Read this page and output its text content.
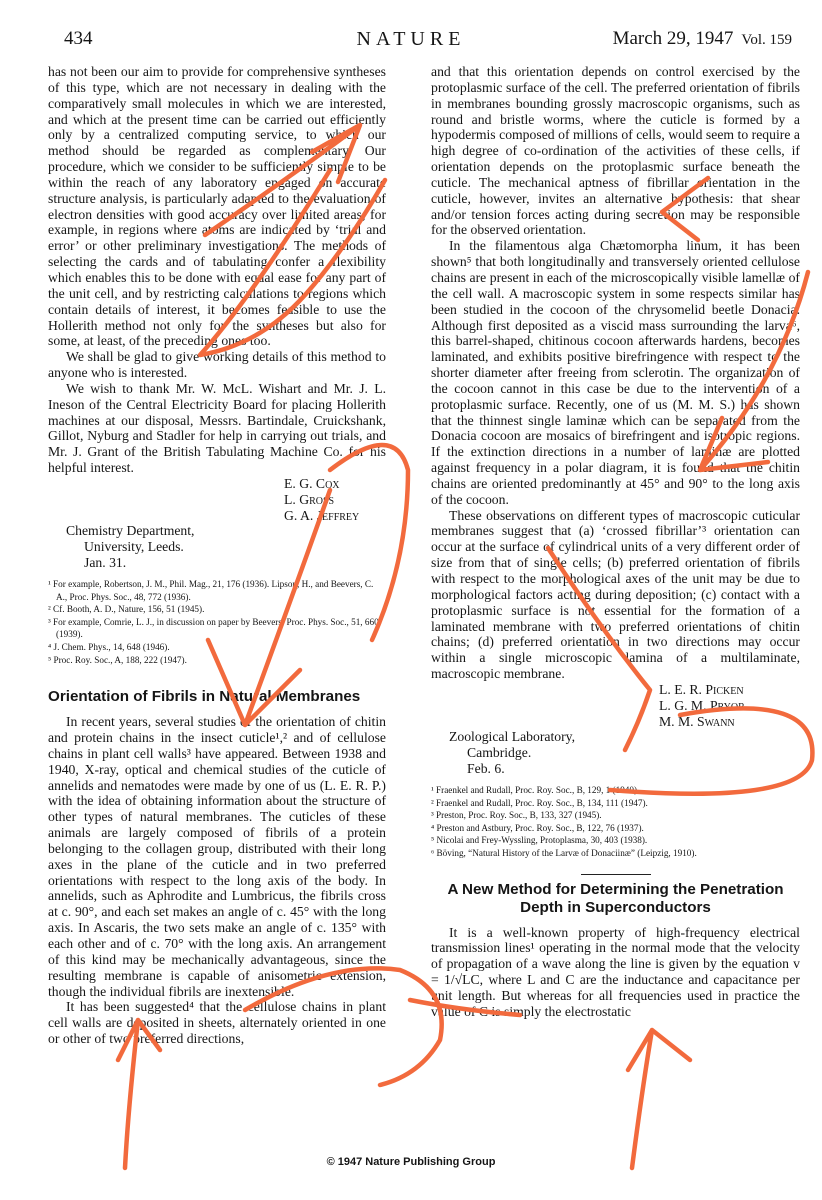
434	NATURE	March 29, 1947 Vol. 159

has not been our aim to provide for comprehensive syntheses of this type, which are not necessary in dealing with the comparatively small molecules in which we are interested, and which at the present time can be carried out efficiently only by a centralized computing service, to which our method should be regarded as complementary. Our procedure, which we consider to be sufficiently simple to be within the reach of any laboratory engaged on accurate structure analysis, is particularly adapted to the evaluation of electron densities with good accuracy over limited areas; for example, in regions where atoms are indicated by ‘trial and error’ or other preliminary investigations. The methods of selecting the cards and of tabulating confer a flexibility which enables this to be done with equal ease for any part of the unit cell, and by restricting calculations to regions which contain details of interest, it becomes feasible to use the Hollerith method not only for the syntheses but also for some, at least, of the preceding ones too.

We shall be glad to give working details of this method to anyone who is interested.

We wish to thank Mr. W. McL. Wishart and Mr. J. L. Ineson of the Central Electricity Board for placing Hollerith machines at our disposal, Messrs. Bartindale, Cruickshank, Gillot, Nyburg and Stadler for help in carrying out trials, and Mr. J. Grant of the British Tabulating Machine Co. for his helpful interest.

E. G. Cox

L. Gross

G. A. Jeffrey

Chemistry Department,

University, Leeds.

Jan. 31.

¹ For example, Robertson, J. M., Phil. Mag., 21, 176 (1936). Lipson, H., and Beevers, C. A., Proc. Phys. Soc., 48, 772 (1936).
² Cf. Booth, A. D., Nature, 156, 51 (1945).
³ For example, Comrie, L. J., in discussion on paper by Beevers, Proc. Phys. Soc., 51, 660 (1939).
⁴ J. Chem. Phys., 14, 648 (1946).
⁵ Proc. Roy. Soc., A, 188, 222 (1947).
Orientation of Fibrils in Natural Membranes

In recent years, several studies of the orientation of chitin and protein chains in the insect cuticle¹,² and of cellulose chains in plant cell walls³ have appeared. Between 1938 and 1940, X-ray, optical and chemical studies of the cuticle of annelids and nematodes were made by one of us (L. E. R. P.) with the idea of obtaining information about the structure of other types of natural membranes. The cuticles of these animals are largely composed of fibrils of a protein belonging to the collagen group, distributed with their long axes in the plane of the cuticle and in two preferred orientations with respect to the long axis of the body. In annelids, such as Aphrodite and Lumbricus, the fibrils cross at c. 90°, and each set makes an angle of c. 45° with the long axis. In Ascaris, the two sets make an angle of c. 135° with each other and of c. 70° with the long axis. An arrangement of this kind may be mechanically advantageous, since the resulting membrane is capable of anisometric extension, though the individual fibrils are inextensible.

It has been suggested⁴ that the cellulose chains in plant cell walls are deposited in sheets, alternately oriented in one or other of two preferred directions,

and that this orientation depends on control exercised by the protoplasmic surface of the cell. The preferred orientation of fibrils in membranes bounding grossly macroscopic organisms, such as round and bristle worms, where the cuticle is formed by a hypodermis composed of millions of cells, would seem to require a high degree of co-ordination of the activities of these cells, if orientation depends on the protoplasmic surface beneath the cuticle. The mechanical aptness of fibrillar orientation in the cuticle, however, invites an alternative hypothesis: that shear and/or tension forces acting during secretion may be responsible for the observed orientation.

In the filamentous alga Chætomorpha linum, it has been shown⁵ that both longitudinally and transversely oriented cellulose chains are present in each of the microscopically visible lamellæ of the cell wall. A macroscopic system in some respects similar has been studied in the cocoon of the chrysomelid beetle Donacia. Although first deposited as a viscid mass surrounding the larva⁶, this barrel-shaped, chitinous cocoon afterwards hardens, becomes laminated, and exhibits positive birefringence with respect to the shorter diameter after freeing from sclerotin. The organization of the cocoon cannot in this case be due to the intervention of a protoplasmic surface. Recently, one of us (M. M. S.) has shown that the thinnest single laminæ which can be separated from the Donacia cocoon are mosaics of birefringent and isotropic regions. If the extinction directions in a number of laminæ are plotted against frequency in a polar diagram, it is found that the chitin chains are oriented predominantly at 45° and 90° to the long axis of the cocoon.

These observations on different types of macroscopic cuticular membranes suggest that (a) ‘crossed fibrillar’³ orientation can occur at the surface of cylindrical units of a very different order of size from that of single cells; (b) preferred orientation of fibrils with respect to the morphological axes of the unit may be due to morphological factors acting during deposition; (c) contact with a protoplasmic surface is not essential for the formation of a laminated membrane with two preferred orientations of chitin chains; (d) preferred orientation in two directions may occur within a single microscopic lamina of a multilaminate, macroscopic membrane.

L. E. R. Picken

L. G. M. Pryor

M. M. Swann

Zoological Laboratory,

Cambridge.

Feb. 6.

¹ Fraenkel and Rudall, Proc. Roy. Soc., B, 129, 1 (1940).
² Fraenkel and Rudall, Proc. Roy. Soc., B, 134, 111 (1947).
³ Preston, Proc. Roy. Soc., B, 133, 327 (1945).
⁴ Preston and Astbury, Proc. Roy. Soc., B, 122, 76 (1937).
⁵ Nicolai and Frey-Wyssling, Protoplasma, 30, 403 (1938).
⁶ Böving, “Natural History of the Larvæ of Donaciinæ” (Leipzig, 1910).
A New Method for Determining the Penetration Depth in Superconductors

It is a well-known property of high-frequency electrical transmission lines¹ operating in the normal mode that the velocity of propagation of a wave along the line is given by the equation v = 1/√LC, where L and C are the inductance and capacitance per unit length. But whereas for all frequencies used in practice the value of C is simply the electrostatic

© 1947 Nature Publishing Group
